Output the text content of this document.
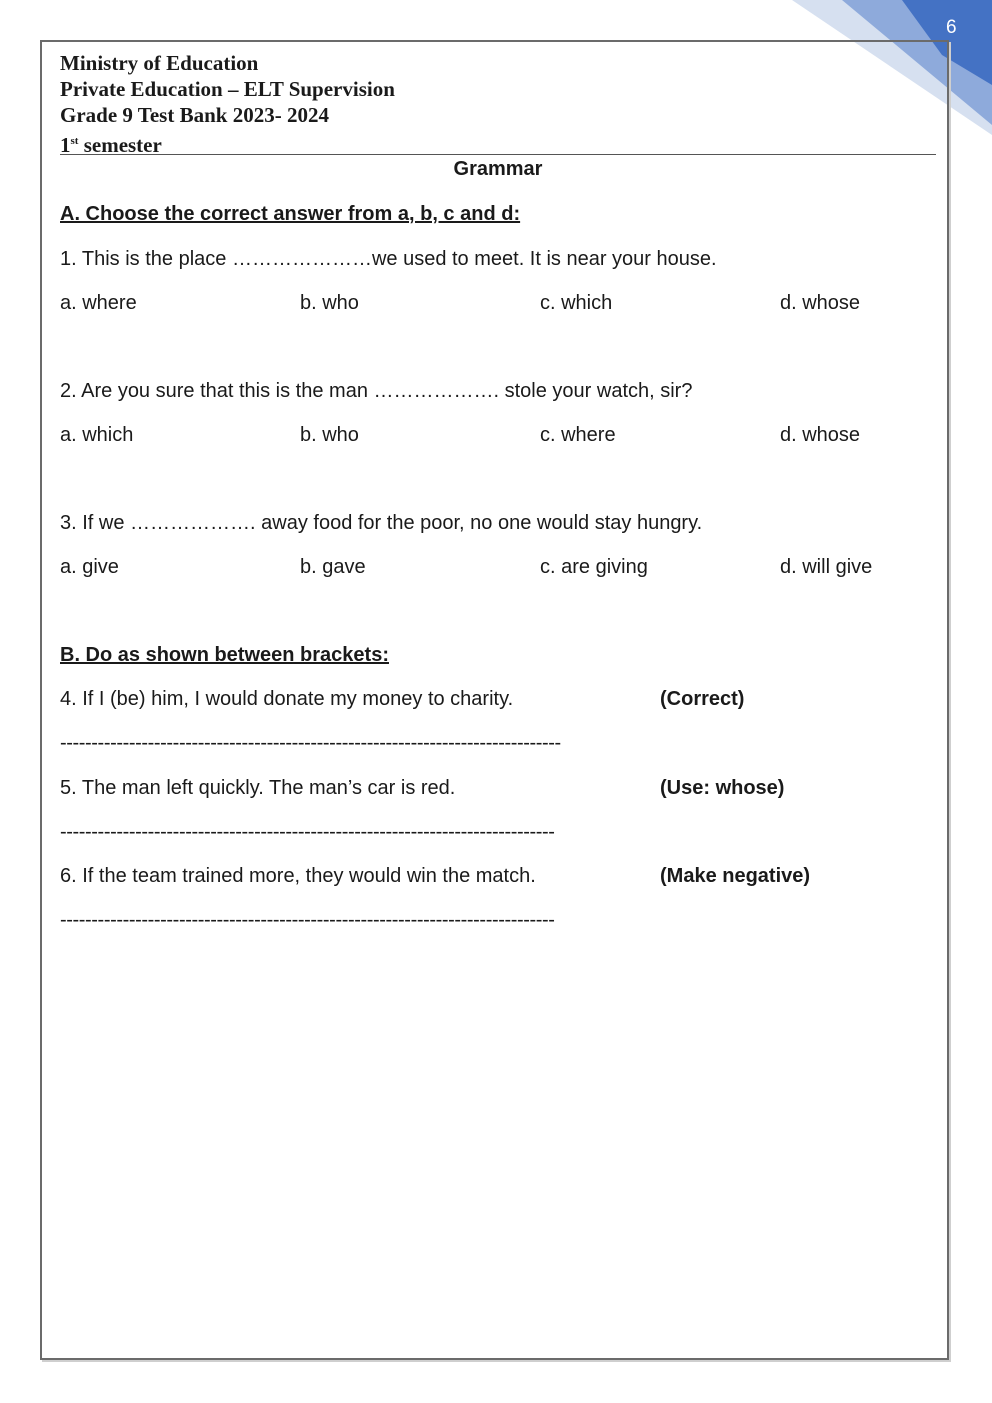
6
Ministry of Education
Private Education – ELT Supervision
Grade 9 Test Bank 2023- 2024
1st semester
Grammar
A. Choose the correct answer from a, b, c and d:
1. This is the place …………………we used to meet. It is near your house.
a. where	b. who	c. which	d. whose
2. Are you sure that this is the man ………………. stole your watch, sir?
a. which	b. who	c. where	d. whose
3. If we ………………. away food for the poor, no one would stay hungry.
a. give	b. gave	c. are giving	d. will give
B. Do as shown between brackets:
4. If I (be) him, I would donate my money to charity.	(Correct)
--------------------------------------------------------------------------------
5. The man left quickly. The man’s car is red.	(Use: whose)
-------------------------------------------------------------------------------
6. If the team trained more, they would win the match.	(Make negative)
-------------------------------------------------------------------------------
